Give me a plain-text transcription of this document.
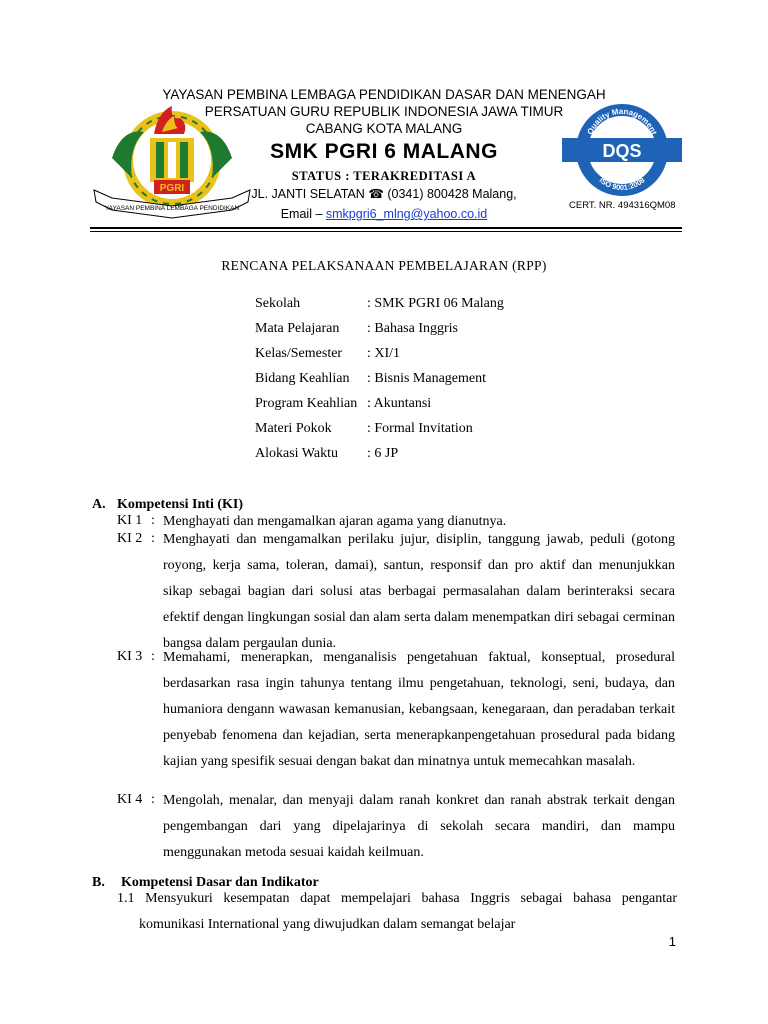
PGRI
YAYASAN PEMBINA LEMBAGA PENDIDIKAN
Quality Management
DQS
ISO 9001:2008
CERT. NR. 494316QM08
YAYASAN PEMBINA LEMBAGA PENDIDIKAN DASAR DAN MENENGAH
PERSATUAN GURU REPUBLIK INDONESIA JAWA TIMUR
CABANG KOTA MALANG
SMK PGRI 6 MALANG
STATUS : TERAKREDITASI A
JL. JANTI SELATAN ☎ (0341) 800428 Malang,
Email – smkpgri6_mlng@yahoo.co.id
RENCANA PELAKSANAAN PEMBELAJARAN (RPP)
Sekolah	: SMK PGRI 06 Malang
Mata Pelajaran : Bahasa Inggris
Kelas/Semester : XI/1
Bidang Keahlian : Bisnis Management
Program Keahlian : Akuntansi
Materi Pokok	: Formal Invitation
Alokasi Waktu : 6 JP
A. Kompetensi Inti (KI)
KI 1 : Menghayati dan mengamalkan ajaran agama yang dianutnya.
KI 2 : Menghayati dan mengamalkan perilaku jujur, disiplin, tanggung jawab, peduli (gotong royong, kerja sama, toleran, damai), santun, responsif dan pro aktif dan menunjukkan sikap sebagai bagian dari solusi atas berbagai permasalahan dalam berinteraksi secara efektif dengan lingkungan sosial dan alam serta dalam menempatkan diri sebagai cerminan bangsa dalam pergaulan dunia.
KI 3 : Memahami, menerapkan, menganalisis pengetahuan faktual, konseptual, prosedural berdasarkan rasa ingin tahunya tentang ilmu pengetahuan, teknologi, seni, budaya, dan humaniora dengann wawasan kemanusian, kebangsaan, kenegaraan, dan peradaban terkait penyebab fenomena dan kejadian, serta menerapkanpengetahuan prosedural pada bidang kajian yang spesifik sesuai dengan bakat dan minatnya untuk memecahkan masalah.
KI 4 : Mengolah, menalar, dan menyaji dalam ranah konkret dan ranah abstrak terkait dengan pengembangan dari yang dipelajarinya di sekolah secara mandiri, dan mampu menggunakan metoda sesuai kaidah keilmuan.
B. Kompetensi Dasar dan Indikator
1.1 Mensyukuri kesempatan dapat mempelajari bahasa Inggris sebagai bahasa pengantar
komunikasi International yang diwujudkan dalam semangat belajar
1
